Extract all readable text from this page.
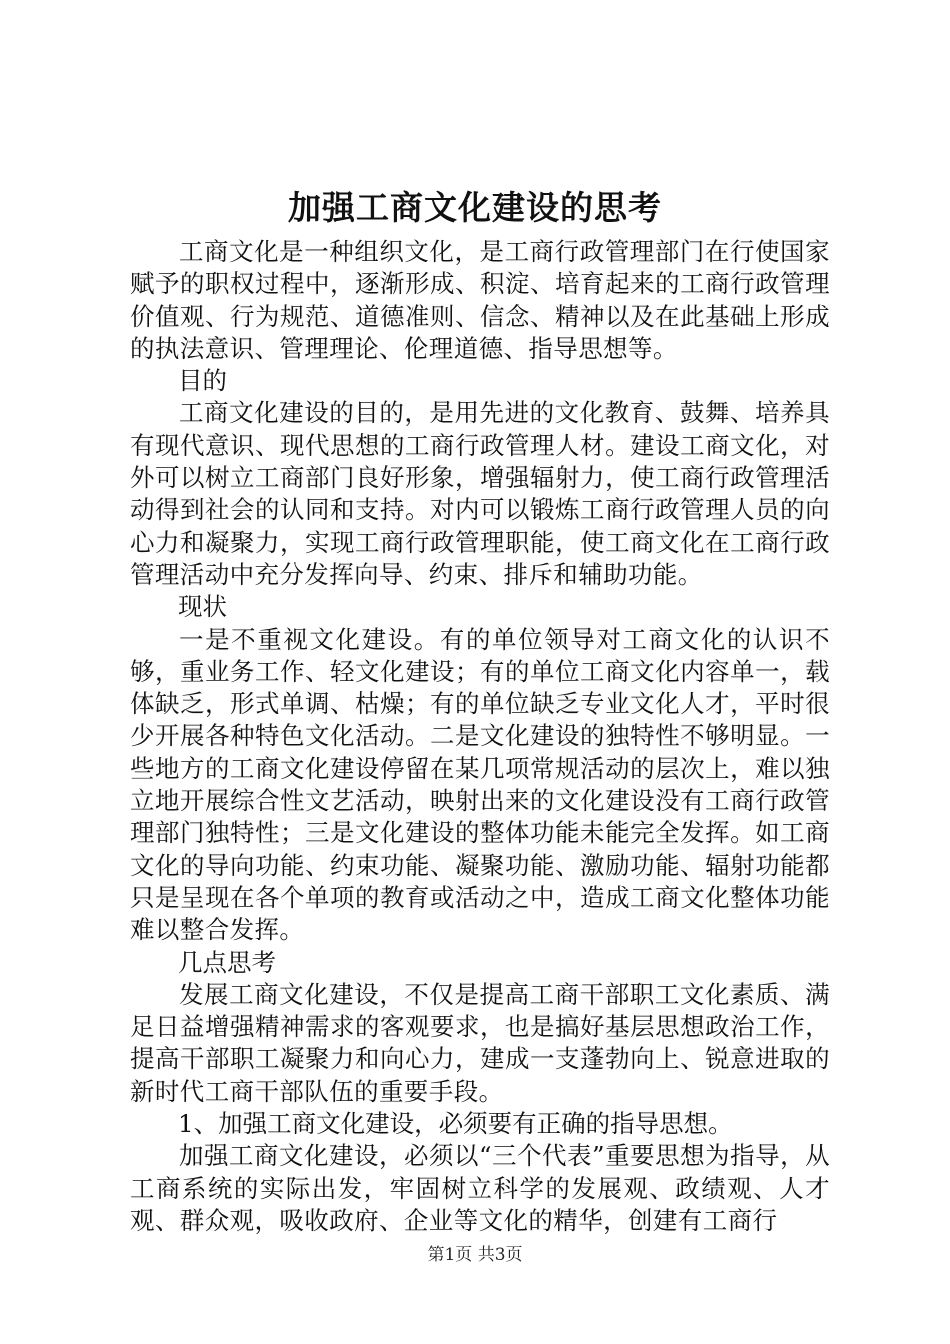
加强工商文化建设的思考

工商文化是一种组织文化，是工商行政管理部门在行使国家赋予的职权过程中，逐渐形成、积淀、培育起来的工商行政管理价值观、行为规范、道德准则、信念、精神以及在此基础上形成的执法意识、管理理论、伦理道德、指导思想等。

目的

工商文化建设的目的，是用先进的文化教育、鼓舞、培养具有现代意识、现代思想的工商行政管理人材。建设工商文化，对外可以树立工商部门良好形象，增强辐射力，使工商行政管理活动得到社会的认同和支持。对内可以锻炼工商行政管理人员的向心力和凝聚力，实现工商行政管理职能，使工商文化在工商行政管理活动中充分发挥向导、约束、排斥和辅助功能。

现状

一是不重视文化建设。有的单位领导对工商文化的认识不够，重业务工作、轻文化建设；有的单位工商文化内容单一，载体缺乏，形式单调、枯燥；有的单位缺乏专业文化人才，平时很少开展各种特色文化活动。二是文化建设的独特性不够明显。一些地方的工商文化建设停留在某几项常规活动的层次上，难以独立地开展综合性文艺活动，映射出来的文化建设没有工商行政管理部门独特性；三是文化建设的整体功能未能完全发挥。如工商文化的导向功能、约束功能、凝聚功能、激励功能、辐射功能都只是呈现在各个单项的教育或活动之中，造成工商文化整体功能难以整合发挥。

几点思考

发展工商文化建设，不仅是提高工商干部职工文化素质、满足日益增强精神需求的客观要求，也是搞好基层思想政治工作，提高干部职工凝聚力和向心力，建成一支蓬勃向上、锐意进取的新时代工商干部队伍的重要手段。

1、加强工商文化建设，必须要有正确的指导思想。

加强工商文化建设，必须以“三个代表”重要思想为指导，从工商系统的实际出发，牢固树立科学的发展观、政绩观、人才观、群众观，吸收政府、企业等文化的精华，创建有工商行

第1页 共3页
